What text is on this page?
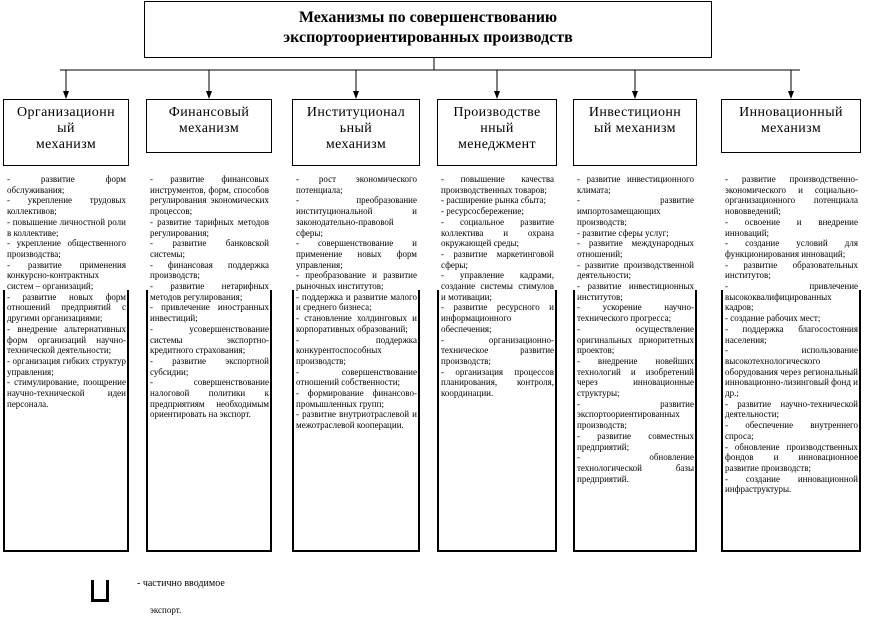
Механизмы по совершенствованию
экспортоориентированных производств
Организационн
ый
механизм
- развитие форм обслуживания;
- укрепление трудовых коллективов;
- повышение личностной роли в коллективе;
- укрепление общественного производства;
- развитие применения конкурсно-контрактных систем – организаций;
- развитие новых форм отношений предприятий с другими организациями;
- внедрение альтернативных форм организаций научно-технической деятельности;
- организация гибких структур управления;
- стимулирование, поощрение научно-технической идеи персонала.
Финансовый
механизм
- развитие финансовых инструментов, форм, способов регулирования экономических процессов;
- развитие тарифных методов регулирования;
- развитие банковской системы;
- финансовая поддержка производств;
- развитие нетарифных методов регулирования;
- привлечение иностранных инвестиций;
- усовершенствование системы экспортно-кредитного страхования;
- развитие экспортной субсидии;
- совершенствование налоговой политики к предприятиям необходимым ориентировать на экспорт.
Институционал
ьный
механизм
- рост экономического потенциала;
- преобразование институциональной и законодательно-правовой сферы;
- совершенствование и применение новых форм управления;
- преобразование и развитие рыночных институтов;
- поддержка и развитие малого и среднего бизнеса;
- становление холдинговых и корпоративных образований;
- поддержка конкурентоспособных производств;
- совершенствование отношений собственности;
- формирование финансово-промышленных групп;
- развитие внутриотраслевой и межотраслевой кооперации.
Производстве
нный
менеджмент
- повышение качества производственных товаров;
- расширение рынка сбыта;
- ресурсосбережение;
- социальное развитие коллектива и охрана окружающей среды;
- развитие маркетинговой сферы;
- управление кадрами, создание системы стимулов и мотивации;
- развитие ресурсного и информационного обеспечения;
- организационно-техническое развитие производств;
- организация процессов планирования, контроля, координации.
Инвестиционн
ый механизм
- развитие инвестиционного климата;
- развитие импортозамещающих производств;
- развитие сферы услуг;
- развитие международных отношений;
- развитие производственной деятельности;
- развитие инвестиционных институтов;
- ускорение научно-технического прогресса;
- осуществление оригинальных приоритетных проектов;
- внедрение новейших технологий и изобретений через инновационные структуры;
- развитие экспортоориентированных производств;
- развитие совместных предприятий;
- обновление технологической базы предприятий.
Инновационный
механизм
- развитие производственно-экономического и социально-организационного потенциала нововведений;
- освоение и внедрение инноваций;
- создание условий для функционирования инноваций;
- развитие образовательных институтов;
- привлечение высококвалифицированных кадров;
- создание рабочих мест;
- поддержка благосостояния населения;
- использование высокотехнологического оборудования через региональный инновационно-лизинговый фонд и др.;
- развитие научно-технической деятельности;
- обеспечение внутреннего спроса;
- обновление производственных фондов и инновационное развитие производств;
- создание инновационной инфраструктуры.
- частично вводимое
экспорт.
